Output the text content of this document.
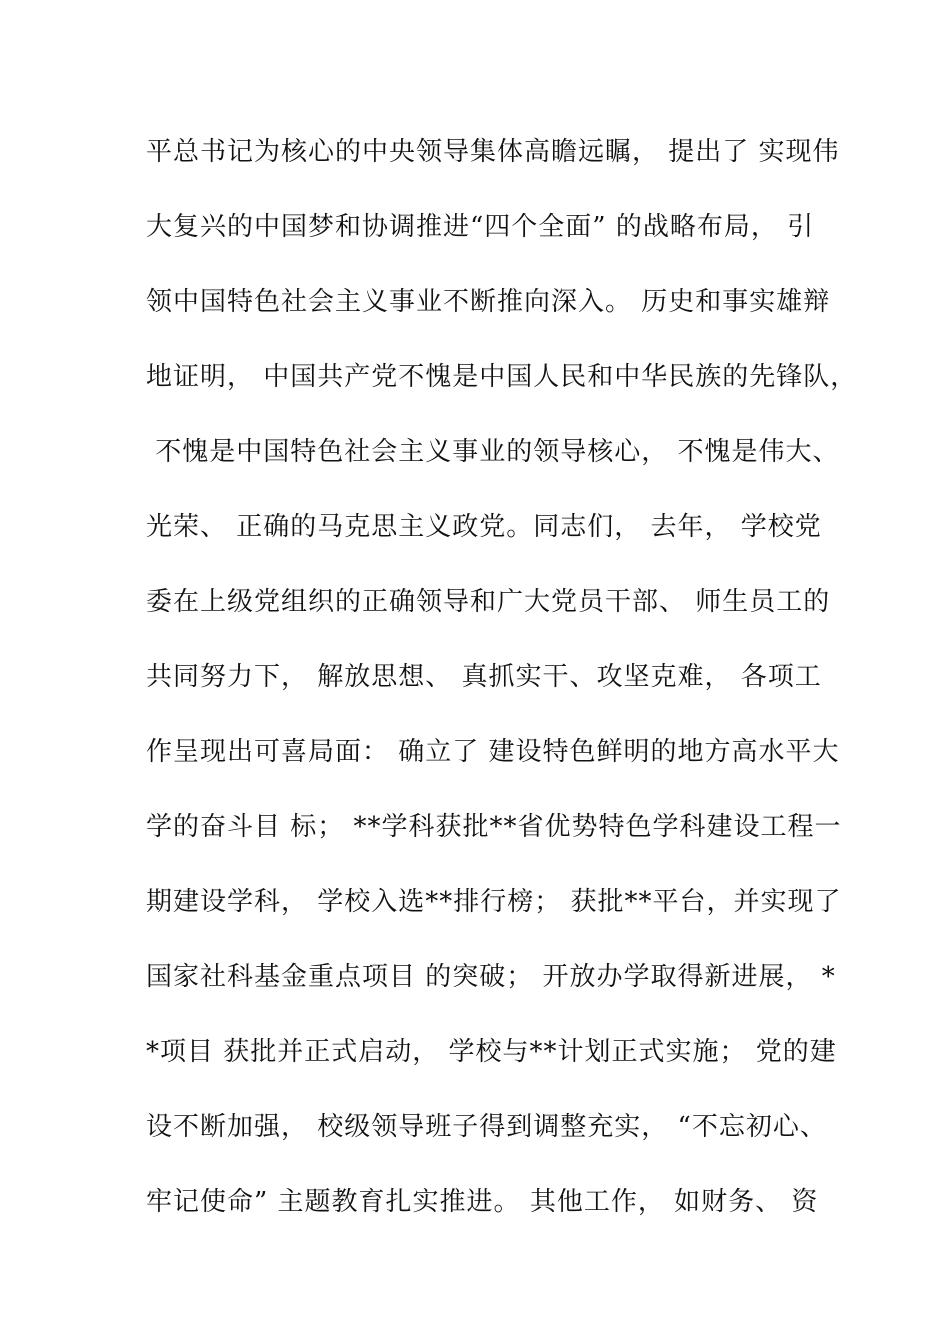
平总书记为核心的中央领导集体高瞻远瞩， 提出了 实现伟
大复兴的中国梦和协调推进“四个全面” 的战略布局， 引
领中国特色社会主义事业不断推向深入。 历史和事实雄辩
地证明， 中国共产党不愧是中国人民和中华民族的先锋队，
不愧是中国特色社会主义事业的领导核心， 不愧是伟大、
光荣、 正确的马克思主义政党。同志们， 去年， 学校党
委在上级党组织的正确领导和广大党员干部、 师生员工的
共同努力下， 解放思想、 真抓实干、攻坚克难， 各项工
作呈现出可喜局面： 确立了 建设特色鲜明的地方高水平大
学的奋斗目 标； **学科获批**省优势特色学科建设工程一
期建设学科， 学校入选**排行榜； 获批**平台，并实现了
国家社科基金重点项目 的突破； 开放办学取得新进展， *
*项目 获批并正式启动， 学校与**计划正式实施； 党的建
设不断加强， 校级领导班子得到调整充实， “不忘初心、
牢记使命” 主题教育扎实推进。 其他工作， 如财务、 资
